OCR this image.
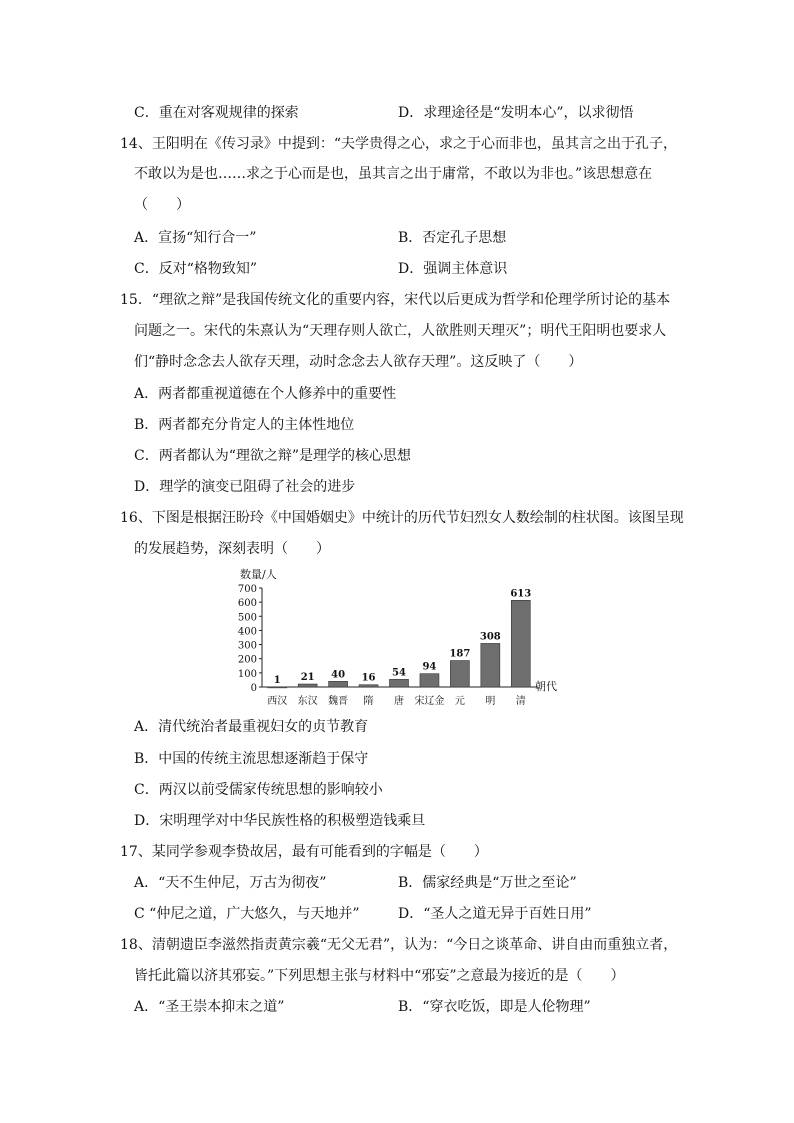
C．重在对客观规律的探索	D．求理途径是“发明本心”，以求彻悟
14、王阳明在《传习录》中提到：“夫学贵得之心，求之于心而非也，虽其言之出于孔子，
不敢以为是也……求之于心而是也，虽其言之出于庸常，不敢以为非也。”该思想意在
（　　）
A．宣扬“知行合一”	B．否定孔子思想
C．反对“格物致知”	D．强调主体意识
15．“理欲之辩”是我国传统文化的重要内容，宋代以后更成为哲学和伦理学所讨论的基本
问题之一。宋代的朱熹认为“天理存则人欲亡，人欲胜则天理灭”；明代王阳明也要求人
们“静时念念去人欲存天理，动时念念去人欲存天理”。这反映了（　　）
A．两者都重视道德在个人修养中的重要性
B．两者都充分肯定人的主体性地位
C．两者都认为“理欲之辩”是理学的核心思想
D．理学的演变已阻碍了社会的进步
16、下图是根据汪盼玲《中国婚姻史》中统计的历代节妇烈女人数绘制的柱状图。该图呈现
的发展趋势，深刻表明（　　）
数量/人
0
100
200
300
400
500
600
700
1
西汉
21
东汉
40
魏晋
16
隋
54
唐
94
宋辽金
187
元
308
明
613
清
朝代
A．清代统治者最重视妇女的贞节教育
B．中国的传统主流思想逐渐趋于保守
C．两汉以前受儒家传统思想的影响较小
D．宋明理学对中华民族性格的积极塑造钱乘旦
17、某同学参观李贽故居，最有可能看到的字幅是（　　）
A．“天不生仲尼，万古为彻夜”	B．儒家经典是“万世之至论”
C “仲尼之道，广大悠久，与天地并”	D．“圣人之道无异于百姓日用”
18、清朝遗臣李滋然指责黄宗羲“无父无君”，认为：“今日之谈革命、讲自由而重独立者，
皆托此篇以济其邪妄。”下列思想主张与材料中“邪妄”之意最为接近的是（　　）
A．“圣王崇本抑末之道”	B．“穿衣吃饭，即是人伦物理”
